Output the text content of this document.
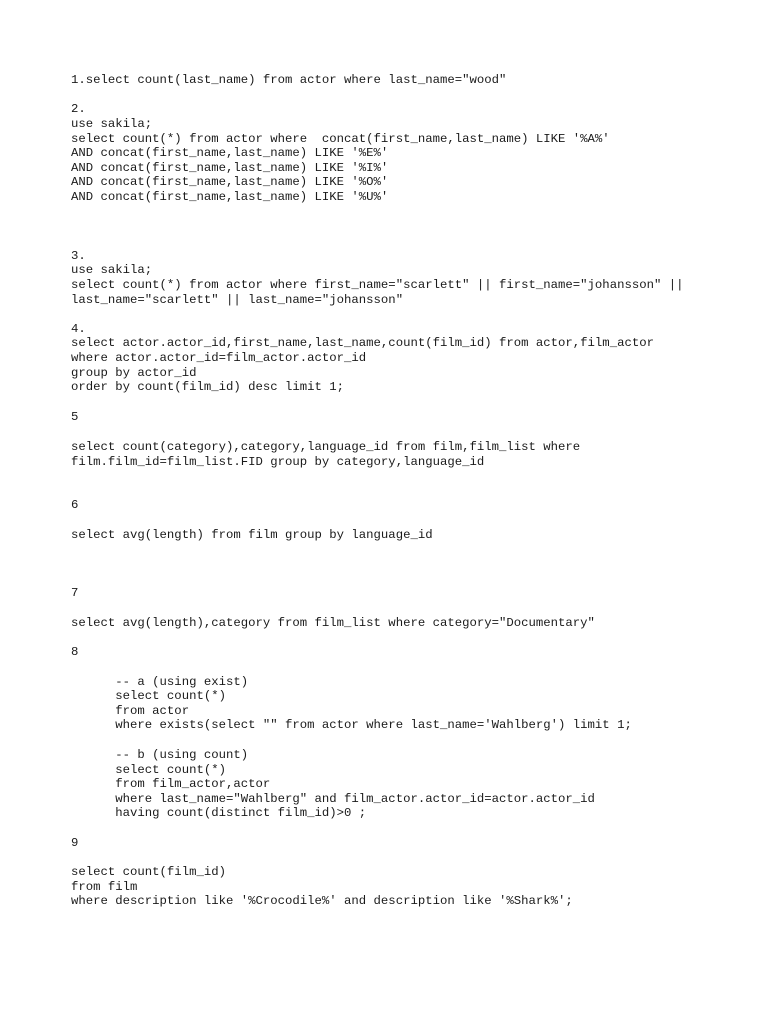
1.select count(last_name) from actor where last_name="wood"

2.

use sakila;

select count(*) from actor where  concat(first_name,last_name) LIKE '%A%'

AND concat(first_name,last_name) LIKE '%E%'

AND concat(first_name,last_name) LIKE '%I%'

AND concat(first_name,last_name) LIKE '%O%'

AND concat(first_name,last_name) LIKE '%U%'

3.

use sakila;

select count(*) from actor where first_name="scarlett" || first_name="johansson" ||

last_name="scarlett" || last_name="johansson"

4.

select actor.actor_id,first_name,last_name,count(film_id) from actor,film_actor

where actor.actor_id=film_actor.actor_id

group by actor_id

order by count(film_id) desc limit 1;

5

select count(category),category,language_id from film,film_list where

film.film_id=film_list.FID group by category,language_id

6

select avg(length) from film group by language_id

7

select avg(length),category from film_list where category="Documentary"

8

-- a (using exist)

select count(*)

from actor

where exists(select "" from actor where last_name='Wahlberg') limit 1;

-- b (using count)

select count(*)

from film_actor,actor

where last_name="Wahlberg" and film_actor.actor_id=actor.actor_id

having count(distinct film_id)>0 ;

9

select count(film_id)

from film

where description like '%Crocodile%' and description like '%Shark%';
